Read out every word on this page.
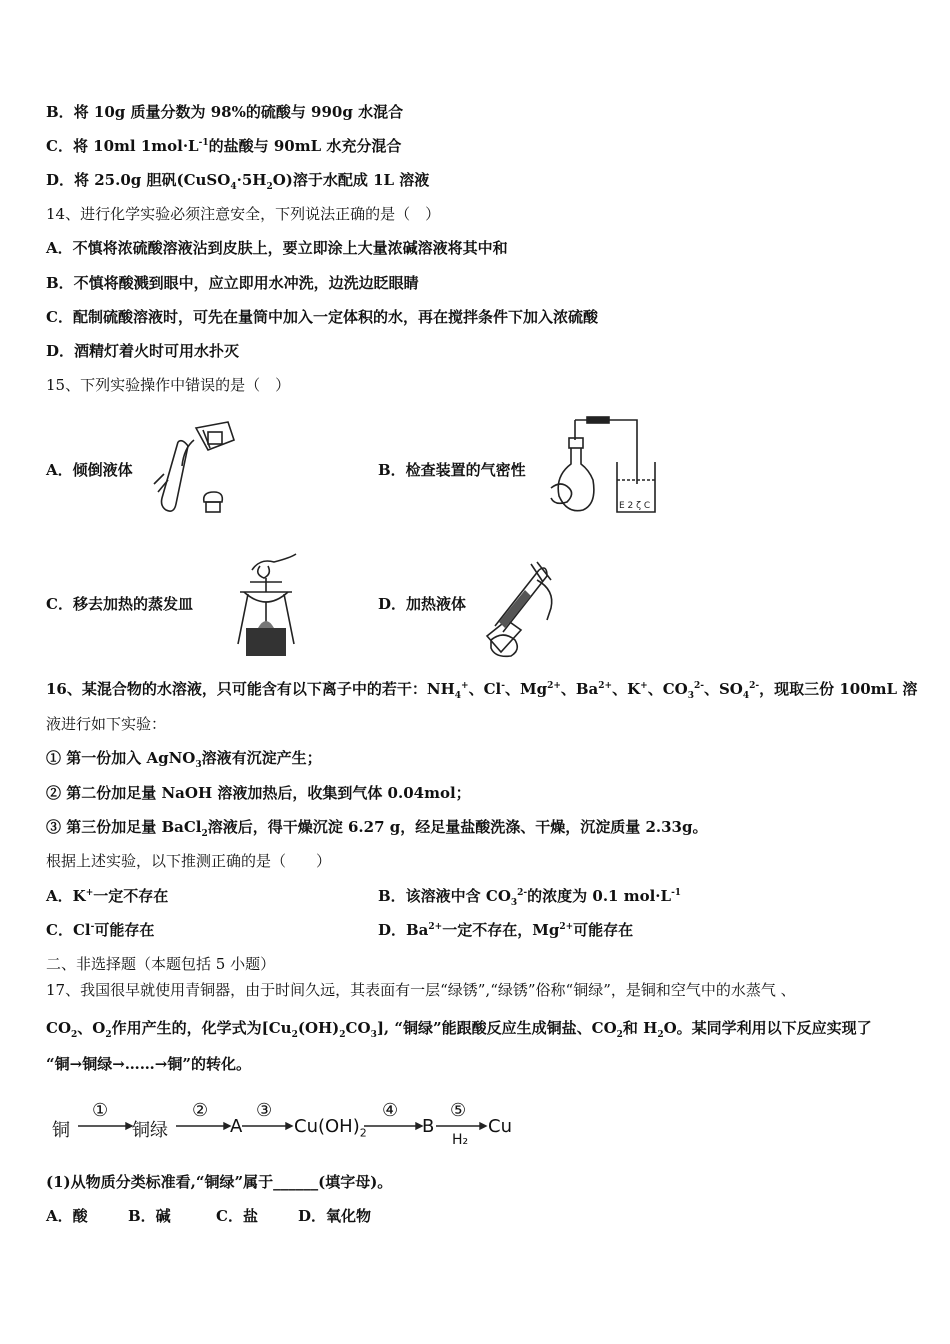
B．将 10g 质量分数为 98%的硫酸与 990g 水混合
C．将 10ml $1mol\cdot L^{-1}$的盐酸与 90mL 水充分混合
D．将 25.0g 胆矾$(CuSO_4\cdot 5H_2O)$溶于水配成 1L 溶液
14、进行化学实验必须注意安全，下列说法正确的是（　）
A．不慎将浓硫酸溶液沾到皮肤上，要立即涂上大量浓碱溶液将其中和
B．不慎将酸溅到眼中，应立即用水冲洗，边洗边眨眼睛
C．配制硫酸溶液时，可先在量筒中加入一定体积的水，再在搅拌条件下加入浓硫酸
D．酒精灯着火时可用水扑灭
15、下列实验操作中错误的是（　）
A．倾倒液体	B．检查装置的气密性
C．移去加热的蒸发皿	D．加热液体
E 2 ζ C
16、某混合物的水溶液，只可能含有以下离子中的若干：$NH_4^+$、Cl-、$Mg^{2+}$、$Ba^{2+}$、K+、$CO_3^{2-}$、$SO_4^{2-}$，现取三份 100mL 溶
液进行如下实验：
① 第一份加入 AgNO$_3$溶液有沉淀产生；
② 第二份加足量 NaOH 溶液加热后，收集到气体 0.04mol；
③ 第三份加足量 BaCl$_2$溶液后，得干燥沉淀 6.27 g，经足量盐酸洗涤、干燥，沉淀质量 2.33g。
根据上述实验，以下推测正确的是（　　）
A．K+一定不存在	B．该溶液中含 $CO_3^{2-}$的浓度为 0.1 $mol\cdot L^{-1}$
C．Cl-可能存在	D．$Ba^{2+}$一定不存在，$Mg^{2+}$可能存在
二、非选择题（本题包括 5 小题）
17、我国很早就使用青铜器，由于时间久远，其表面有一层“绿锈”,“绿锈”俗称“铜绿”，是铜和空气中的水蒸气 、
$CO_2$、$O_2$作用产生的，化学式为$[Cu_2(OH)_2CO_3]$, “铜绿”能跟酸反应生成铜盐、$CO_2$和 $H_2O$。某同学利用以下反应实现了
“铜→铜绿→……→铜”的转化。
铜
①
铜绿
②
A
③
$Cu(OH)_2$
④
B
⑤
H₂
Cu
(1)从物质分类标准看,“铜绿”属于______(填字母)。
A．酸	B．碱	C．盐	D．氧化物
